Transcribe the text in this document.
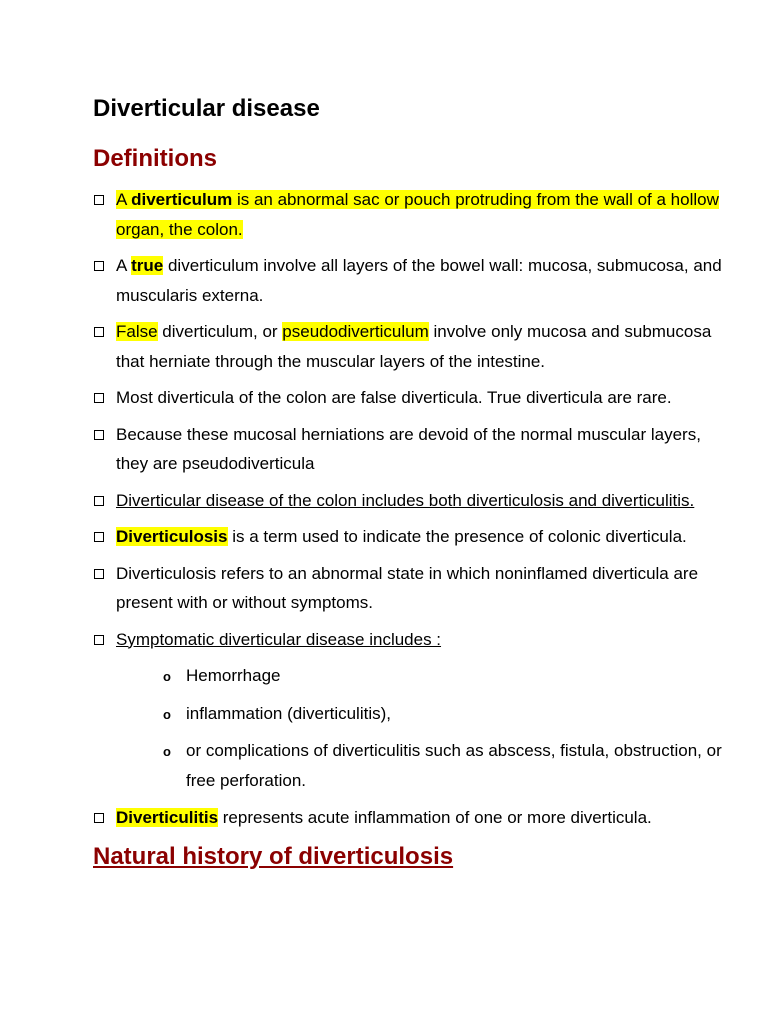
Diverticular disease
Definitions
A diverticulum is an abnormal sac or pouch protruding from the wall of a hollow organ, the colon.
A true diverticulum involve all layers of the bowel wall: mucosa, submucosa, and muscularis externa.
False diverticulum, or pseudodiverticulum involve only mucosa and submucosa that herniate through the muscular layers of the intestine.
Most diverticula of the colon are false diverticula. True diverticula are rare.
Because these mucosal herniations are devoid of the normal muscular layers, they are pseudodiverticula
Diverticular disease of the colon includes both diverticulosis and diverticulitis.
Diverticulosis is a term used to indicate the presence of colonic diverticula.
Diverticulosis refers to an abnormal state in which noninflamed diverticula are present with or without symptoms.
Symptomatic diverticular disease includes :
o Hemorrhage
o inflammation (diverticulitis),
o or complications of diverticulitis such as abscess, fistula, obstruction, or free perforation.
Diverticulitis represents acute inflammation of one or more diverticula.
Natural history of diverticulosis
